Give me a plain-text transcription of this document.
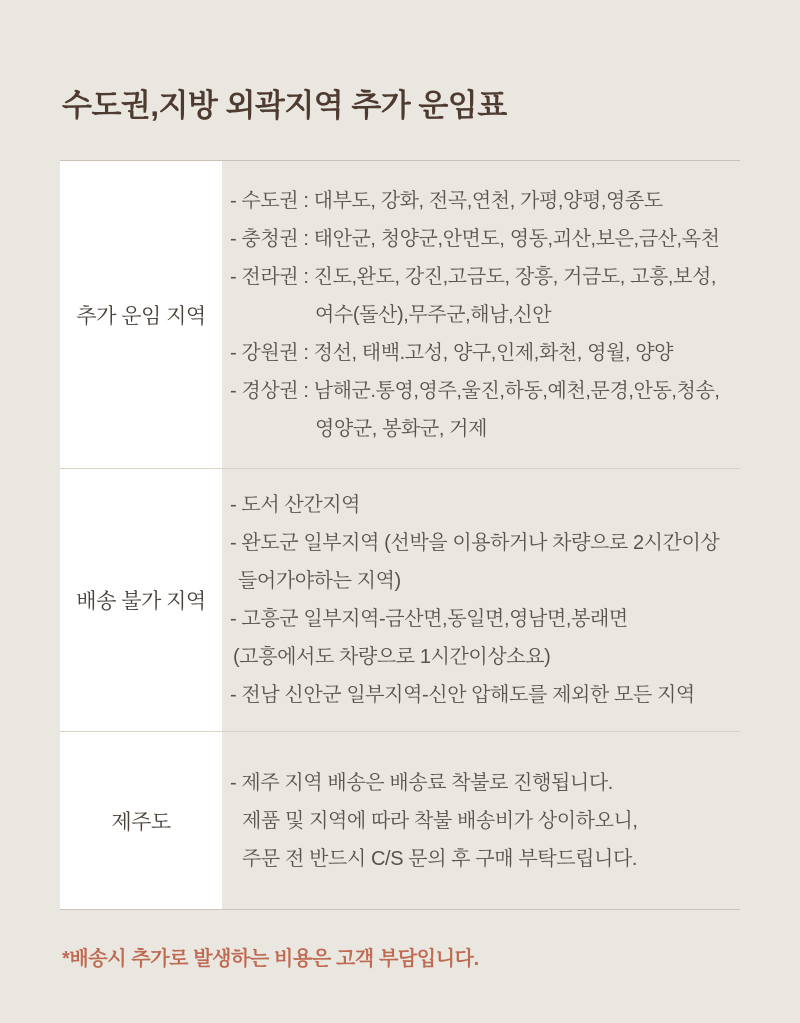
수도권,지방 외곽지역 추가 운임표
추가 운임 지역

- 수도권 : 대부도, 강화, 전곡,연천, 가평,양평,영종도

- 충청권 : 태안군, 청양군,안면도, 영동,괴산,보은,금산,옥천

- 전라권 : 진도,완도, 강진,고금도, 장흥, 거금도, 고흥,보성,

여수(돌산),무주군,해남,신안

- 강원권 : 정선, 태백.고성, 양구,인제,화천, 영월, 양양

- 경상권 : 남해군.통영,영주,울진,하동,예천,문경,안동,청송,

영양군, 봉화군, 거제

배송 불가 지역

- 도서 산간지역

- 완도군 일부지역 (선박을 이용하거나 차량으로 2시간이상

들어가야하는 지역)

- 고흥군 일부지역-금산면,동일면,영남면,봉래면

(고흥에서도 차량으로 1시간이상소요)

- 전남 신안군 일부지역-신안 압해도를 제외한 모든 지역

제주도

- 제주 지역 배송은 배송료 착불로 진행됩니다.

제품 및 지역에 따라 착불 배송비가 상이하오니,

주문 전 반드시 C/S 문의 후 구매 부탁드립니다.

*배송시 추가로 발생하는 비용은 고객 부담입니다.
